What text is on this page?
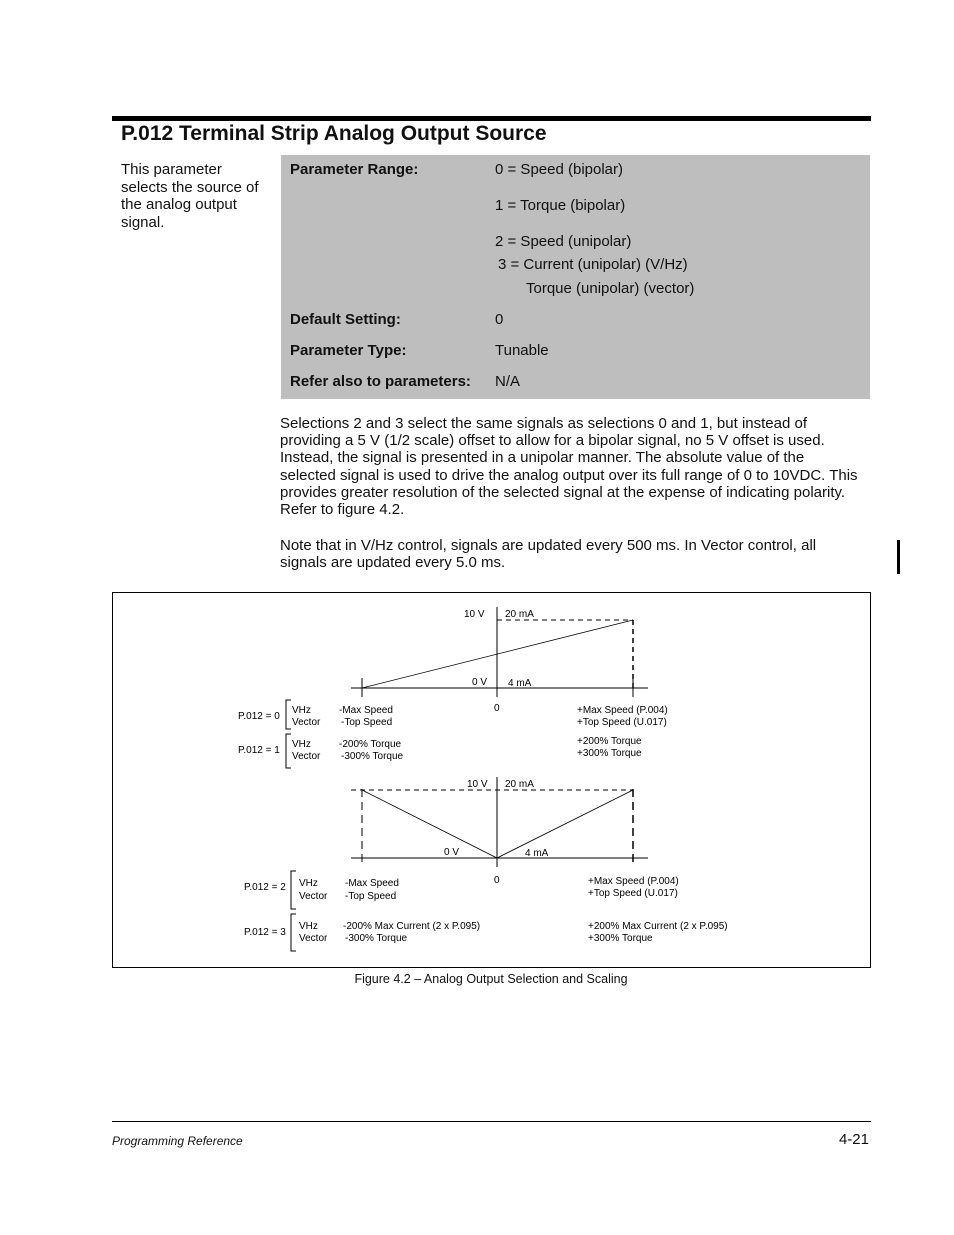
P.012 Terminal Strip Analog Output Source

This parameter selects the source of the analog output signal.

Parameter Range:	0 = Speed (bipolar)
1 = Torque (bipolar)
2 = Speed (unipolar)
3 = Current (unipolar) (V/Hz)
Torque (unipolar) (vector)
Default Setting:	0
Parameter Type:	Tunable
Refer also to parameters: N/A

Selections 2 and 3 select the same signals as selections 0 and 1, but instead of providing a 5 V (1/2 scale) offset to allow for a bipolar signal, no 5 V offset is used. Instead, the signal is presented in a unipolar manner. The absolute value of the selected signal is used to drive the analog output over its full range of 0 to 10VDC. This provides greater resolution of the selected signal at the expense of indicating polarity. Refer to figure 4.2.

Note that in V/Hz control, signals are updated every 500 ms. In Vector control, all signals are updated every 5.0 ms.

10 V 20 mA
0 V 4 mA
0
P.012 = 0
VHz
Vector
-Max Speed
-Top Speed
+Max Speed (P.004)
+Top Speed (U.017)
P.012 = 1
VHz
Vector
-200% Torque
-300% Torque
+200% Torque
+300% Torque
10 V 20 mA
0 V	4 mA
0
P.012 = 2 VHz
Vector
-Max Speed
-Top Speed
+Max Speed (P.004)
+Top Speed (U.017)
P.012 = 3
VHz
Vector
-200% Max Current (2 x P.095)
-300% Torque
+200% Max Current (2 x P.095)
+300% Torque

Figure 4.2 – Analog Output Selection and Scaling

Programming Reference	4-21
